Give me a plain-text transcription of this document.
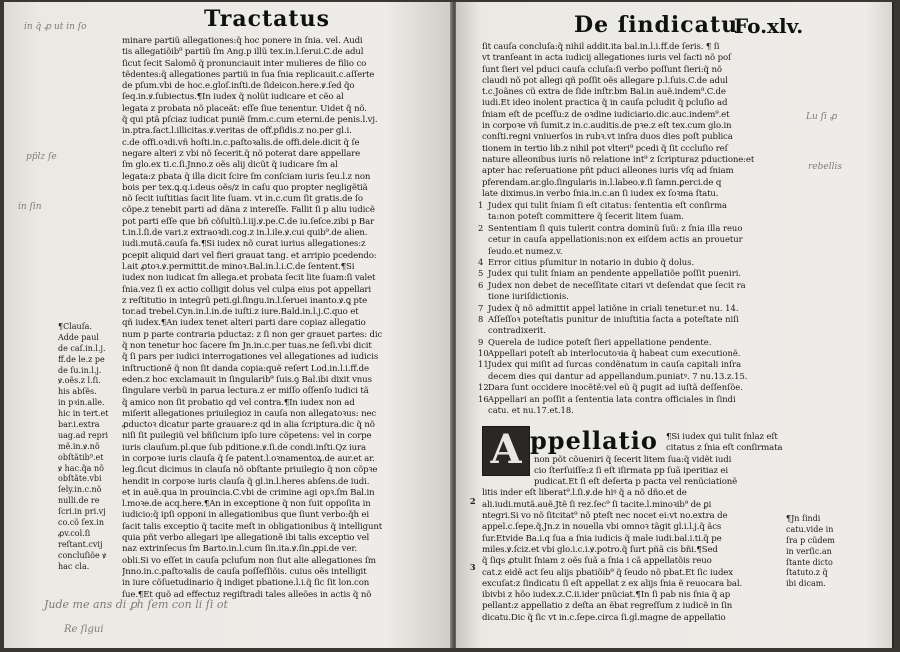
Tractatus
minare partiũ allegationes:q̃ hoc ponere in ſnia. vel. Audi
tis allegatiõib⁹ partiũ ſm Ang.p illũ tex.in.l.ſerui.C.de adul
ſicut ſecit Salomõ q̃ pronunciauit inter mulieres de filio co
tẽdentes:q̃ allegationes partiũ in ſua ſnia replicauit.c.aſſerte
de pſum.vbi de hoc.e.gloſ.inſti.de ſideicon.here.ꝟ.ſed q̃o
ſeq.in.ꝟ.ſubiectus.¶In iudex q̃ nolũt iudicare et cẽo al
legata z probata nõ placeãt: eſſe ſiue tenentur. Uidet q̃ nõ.
q̃ qui ptã pſciaz iudicat puniẽ ſmm.c.cum eterni.de penis.l.vj.
in.ptra.ſact.l.illicitas.ꝟ.veritas de off.pſidis.z no.per gl.i.
c.de offi.oꝛdi.vñ hoſti.in.c.paſtoꝛalis.de offi.dele.dicit q̃ ſe
negare alteri z vbi nõ ſecerit.q̃ nõ poterat dare appellare
ſm glo.ex ti.c.ſi.Jnno.z oẽs alij dicũt q̃ iudicare ſm al
legata:z pbata q̃ illa dicit ſcire ſm conſciam iuris ſeu.l.z non
bois per tex.ꝗ.q.i.deus oẽs/z in caſu quo propter negligẽtiã
nõ ſecit iuſtitias ſacit lite ſuam. vt in.c.cum ſit gratis.de ſo
cõpe.z tenebit parti ad dãna z intereſſe. Fallit ſi p aliu iudicẽ
pot parti eſſe que bñ cõſultũ.l.iij.ꝟ.pe.C.de iu.ſeſce.zibi p Bar
t.in.l.ſi.de vari.z extraoꝛdi.cog.z in.l.ile.ꝟ.cui quib⁹.de alien.
iudi.mutã.cauſa fa.¶Si iudex nõ curat iurius allegationes:z
pcepit aliquid dari vel fieri grauat tang. et arripio pcedendo:
l.ait ꝓtoꝛ.ꝟ.permittit.de minoꝛ.Bal.in.l.i.C.de ſentent.¶Si
iudex non iudicat ſm allega.et probata ſecit lite ſuam:ſi valet
ſnia.vez ſi ex actio colligit dolus vel culpa eius pot appellari
z reſtitutio in integrũ peti.gl.ſingu.in.l.ſeruei inanto.ꝟ.ꝗ pte
tor.ad trebel.Cyn.in.l.in.de iuſti.z iure.Bald.in.l.j.C.quo et
qñ iudex.¶An iudex tenet alteri parti dare copiaz allegatio
num p parte contraria pductaz: z ſi non ger grauet partes: dic
q̃ non tenetur hoc ſacere ſm Jn.in.c.per tuas.ne ſeſi.vbi dicit
q̃ ſi pars per iudici interrogationes vel allegationes ad iudicis
inſtructionẽ q̃ non ſit danda copia:quẽ reſert Lod.in.l.i.ff.de
eden.z hoc exclamauit in ſingularib⁹ ſuis.ꝯ Bal.ibi dixit vnus
ſingulare verbũ in parua lectura.z er miſſo oſſenſo iudici tã
q̃ amico non ſit probatio qd vel contra.¶In iudex non ad
miſerit allegationes priuilegioz in cauſa non allegatoꝛus: nec
ꝓductoꝛ dicatur parte grauare:z qd in alia ſcriptura.dic q̃ nõ
niſi ſit puilegiũ vel bñſicium ipſo iure cõpetens: vel in corpe
iuris clauſum.pl.que ſub pditione.ꝟ.ſi.de condi.inſti.Qz iura
in corpoꝛe iuris clauſa q̃ ſe patent.l.oꝛnamentoꝝ.de aur.et ar.
leg.ſicut dicimus in clauſa nõ obſtante priuilegio q̃ non cõpꝛe
hendit in corpoꝛe iuris clauſa q̃ gl.in.l.heres abſens.de iudi.
et in auẽ.qua in prouincia.C.vbi de crimine agi opꝛ.ſm Bal.in
l.moꝛe.de acq.here.¶An in exceptione q̃ non ſuit oppoſita in
iudicio:q̃ ipſi opponi in allegationibus que ſiunt verbo:q̃h ei
ſacit talis exceptio q̃ tacite meſt in obligationibus q̃ intelligunt
quia pñt verbo allegari ipe allegationẽ ibi talis exceptio vel
naz extrinſecus ſm Barto.in.l.cum ſin.ita.ꝟ.ſin.ꝓpi.de ver.
obli.Si vo eſſet in cauſa pcluſum non ſiut alie allegationes ſm
Jnno.in.c.paſtoꝛalis de cauſa poſſeſſiõis. cuius oẽs intelligit
in iure cõſuetudinario q̃ indiget pbatione.l.i.q̃ ſic ſit lon.con
ſue.¶Et quõ ad effectuz regiſtradi tales alleões in actis q̃ nõ
¶Clauſa.
Adde paul
de caſ.in.l.j.
ff.de le.z pe
de ſu.in.l.j.
ꝟ.oẽs.z l.ſi.
his abſẽs.
in pꝛin.alle.
hic in tert.et
bar.i.extra
uag.ad repri
mẽ.in.ꝟ.nõ
obſtãtib⁹.et
ꝟ hac.q̃a nõ
obſtãte.vbi
ſely.in.c.nõ
nulli.de re
ſcri.in pri.vj
co.cõ ſex.in
ꝓv.col.ſi
reſtant.cvij
concluſiõe ꝟ
hac cla.
in q̄ ꝓ ut in ſo
pp̄lz ſe
in ſin
Jude me ans di ꝑh ſem con li ſi ot
Re ſigui
De ſindicatu
Fo.xlv.
ſit cauſa concluſa:q̃ nihil addit.ita bal.in.l.i.ff.de ſeris. ¶ ſi
vt tranſeant in acta iudicij allegationes iuris vel ſacti nõ poſ
ſunt ſieri vel pduci cauſa ccluſa:ſi verbo poſſunt ſieri:q̃ nõ
claudi nõ pot allegi qñ poſſit oẽs allegare p.l.ſuis.C.de adul
t.c.Joãnes cũ extra de ſide inſtr.bm Bal.in auẽ.indem⁹.C.de
iudi.Et ideo inolent practica q̃ in cauſa pcludit q̃ pcluſio ad
ſniam eſt de pceſſu:z de oꝛdine iudiciario.dic.auc.indem⁹.et
in corpoꝛe vñ ſumit.z in.c.auditis.de pꝛe.z eſt tex.cum glo.in
conſti.regni vniuerſos in rubꝛ.vt inſra duos dies poſt publica
tionem in tertio lib.z nihil pot vlteri⁹ pcedi q̃ ſit cccluſio reſ
nature alleonibus iuris nõ relatione int⁹ z ſcripturaz pductione:et
apter hac reſeruatione pñt pduci alleones iuris vſq ad ſniam
pferendam.ar.glo.ſingularis in.l.labeo.ꝟ.ſi ſamn.ꝑerci.de q
late diximus.in verbo ſnia.in.c.an ſi iudex ex ſoꝛma ſtatu.
1 Judex qui tulit ſniam ſi eſt citatus: ſententia eſt conſirma
ta:non poteſt committere q̃ ſecerit litem ſuam.
2 Sententiam ſi quis tulerit contra dominũ ſuũ: z ſnia illa reuo
cetur in cauſa appellationis:non ex eiſdem actis an prouetur
ſeudo.et numez.v.
4 Error citius pſumitur in notario in dubio q̃ dolus.
5 Judex qui tulit ſniam an pendente appellatiõe poſſit pueniri.
6 Judex non debet de neceſſitate citari vt deſendat que ſecit ra
tione iuriſdictionis.
7 Judex q̃ nõ admittit appel latiõne in criali tenetur.et nu. 14.
8 Aſſeſſoꝛ poteſtatis punitur de iniuſtitia ſacta a poteſtate niſi
contradixerit.
9 Querela de iudice poteſt ſieri appellatione pendente.
10Appellari poteſt ab interlocutoꝛia q̃ habeat cum executionẽ.
11Judex qui miſit ad ſurcas condẽnatum in cauſa capitali inſra
decem dies qui dantur ad appellandum.puniatꝰ. 7 nu.13.z.15.
12Dara ſunt occidere inocẽtẽ:vel eũ q̃ ꝑugit ad iuſtã deſſenſõe.
16Appellari an poſſit a ſententia lata contra officiales in ſindi
catu. et nu.17.et.18.
A ppellatio ¶Si iudex qui tulit ſnlaz eſt
citatus z ſnia eſt conſirmata
non põt cõueniri q̃ ſecerit litem ſua:q̃ vidẽt iudi
cio ſterſuiſſe:z ſi eſt iſirmata pp ſuã iperitiaz ei
pudicat.Et ſi eſt deſerta p pacta vel renũciationẽ
litis inder eſt liberat⁹.l.ſi.ꝟ.de hiꝰ q̃ a nõ dño.et de
ali.iudi.mutã.auẽ.Jtẽ ſi rez.ſec⁹ ſi tacite.l.minoꝛib⁹ de ꝑi
ntegri.Si vo nõ ſitcitat⁹ nõ pteſt nec nocet ei:vt no.extra de
appel.c.ſepe.q̃.Jn.z in nouella vbi omnoꝛ tãgit gl.i.l.j.q̃ ãcs
ſur.Etvide Ba.i.q ſua a ſnia iudicis q̃ male iudi.bal.i.ti.q̃ pe
miles.ꝟ.ſciz.et vbi glo.i.c.i.ꝟ.potro.q̃ ſurt pñã cis bñi.¶Sed
q̃ ſiqs ꝓtulit ſniam z oẽs ſuã a ſnia i cã appellatõis reuo
cat.z eidẽ act ſeu alijs pbatiõib⁹ q̃ ſeudo nõ pbat.Et ſic iudex
excuſat:z ſindicatu ſi eſt appellat z ex alijs ſnia ẽ reuocara bal.
ibivbi z hõo iudex.z.C.ii.ider pnũciat.¶In ſi pab nis ſnia q̃ ap
pellant:z appellatio z deſta an ẽbat regreſſum z iudicẽ in ſin
dicatu.Dic q̃ ſic vt in.c.ſepe.circa ſi.gl.magne de appellatio
¶Jn ſindi
catu.vide in
ſra p cũdem
in verſic.an
ſtante dicto
ſtatuto.z q̃
ibi dicam.
2
3
Lu ſi ꝓ
rebellis
